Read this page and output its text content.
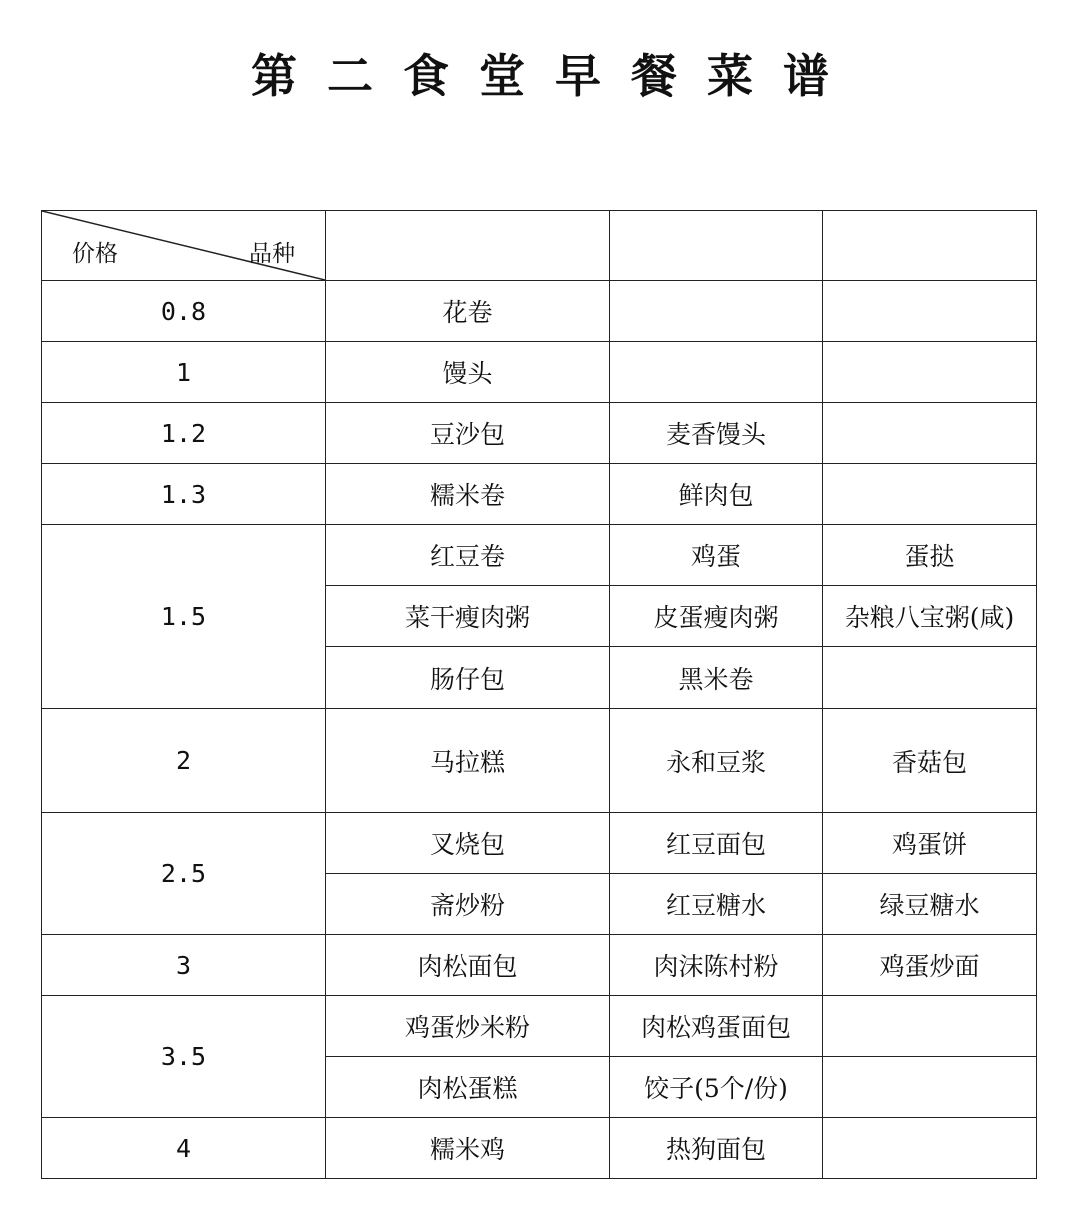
第二食堂早餐菜谱
价格 品种			

0.8	花卷		
1	馒头		
1.2	豆沙包	麦香馒头	
1.3	糯米卷	鲜肉包	
1.5	红豆卷	鸡蛋	蛋挞
	菜干瘦肉粥	皮蛋瘦肉粥	杂粮八宝粥(咸)
	肠仔包	黑米卷	
2	马拉糕	永和豆浆	香菇包
2.5	叉烧包	红豆面包	鸡蛋饼
	斋炒粉	红豆糖水	绿豆糖水
3	肉松面包	肉沫陈村粉	鸡蛋炒面
3.5	鸡蛋炒米粉	肉松鸡蛋面包	
	肉松蛋糕	饺子(5个/份)	
4	糯米鸡	热狗面包	
